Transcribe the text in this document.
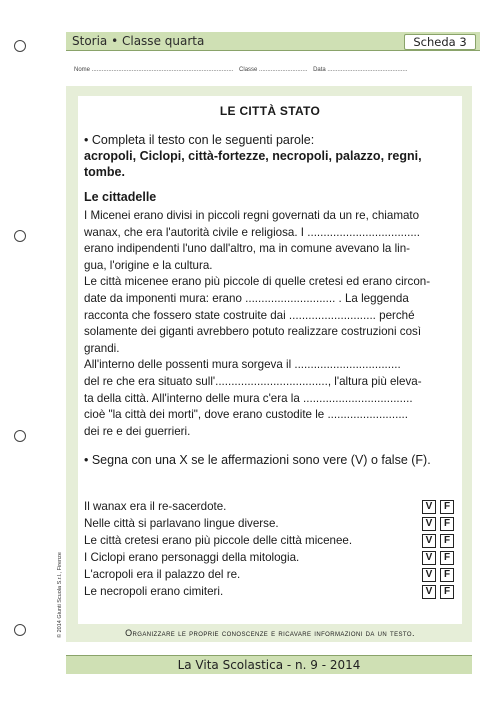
Storia • Classe quarta	Scheda 3
Nome ..................................................................................... Classe ............................. Data ................................................
LE CITTÀ STATO
• Completa il testo con le seguenti parole:
acropoli, Ciclopi, città-fortezze, necropoli, palazzo, regni, tombe.
Le cittadelle
I Micenei erano divisi in piccoli regni governati da un re, chiamato
wanax, che era l'autorità civile e religiosa. I ...................................
erano indipendenti l'uno dall'altro, ma in comune avevano la lin-
gua, l'origine e la cultura.
Le città micenee erano più piccole di quelle cretesi ed erano circon-
date da imponenti mura: erano ............................ . La leggenda
racconta che fossero state costruite dai ........................... perché
solamente dei giganti avrebbero potuto realizzare costruzioni così
grandi.
All'interno delle possenti mura sorgeva il .................................
del re che era situato sull'..................................., l'altura più eleva-
ta della città. All'interno delle mura c'era la ..................................
cioè "la città dei morti", dove erano custodite le .........................
dei re e dei guerrieri.
• Segna con una X se le affermazioni sono vere (V) o false (F).
Il wanax era il re-sacerdote.	V	F
Nelle città si parlavano lingue diverse.	V	F
Le città cretesi erano più piccole delle città micenee.	V	F
I Ciclopi erano personaggi della mitologia.	V	F
L'acropoli era il palazzo del re.	V	F
Le necropoli erano cimiteri.	V	F
Organizzare le proprie conoscenze e ricavare informazioni da un testo.
© 2014 Giunti Scuola S.r.l., Firenze
La Vita Scolastica - n. 9 - 2014
